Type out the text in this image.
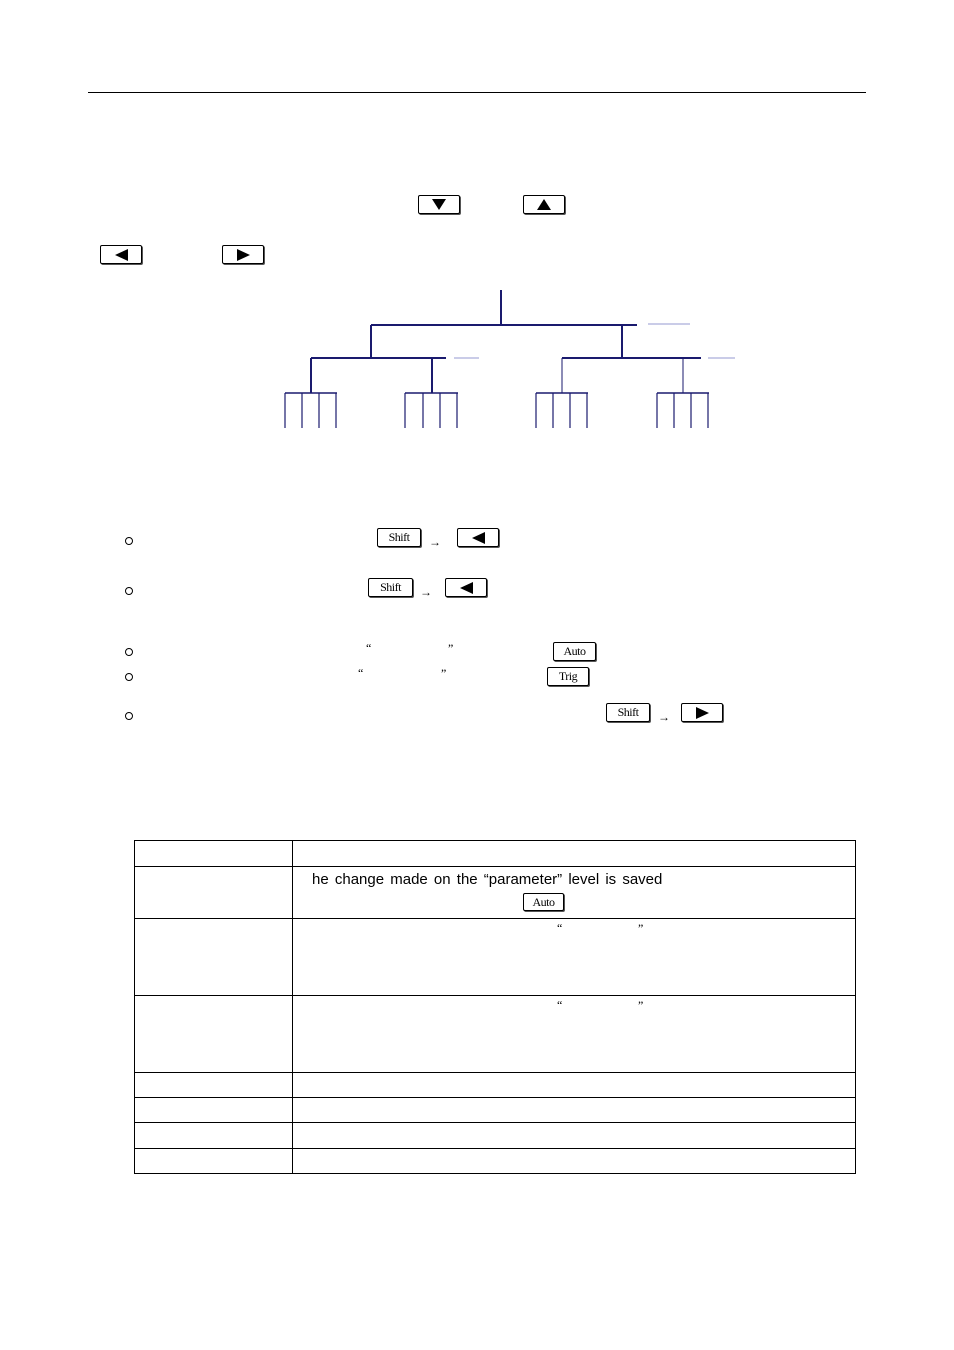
Shift	→
Shift	→
“	”	Auto
“	”	Trig
Shift	→

	he change made on the “parameter” level is saved
Auto

	“ ”

	“ ”
